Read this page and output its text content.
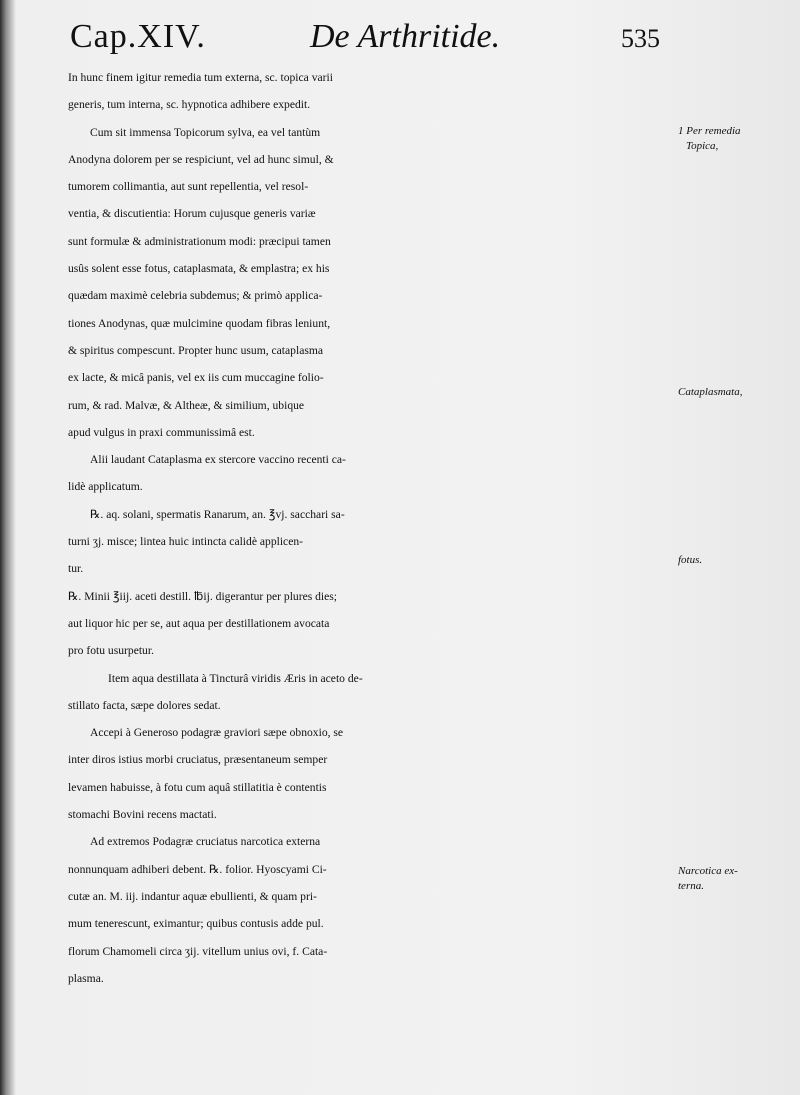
Cap.XIV.	De Arthritide.	535
In hunc finem igitur remedia tum externa, sc. topica varii
generis, tum interna, sc. hypnotica adhibere expedit.
Cum sit immensa Topicorum sylva, ea vel tantùm
Anodyna dolorem per se respiciunt, vel ad hunc simul, &
tumorem collimantia, aut sunt repellentia, vel resol-
ventia, & discutientia: Horum cujusque generis variæ
sunt formulæ & administrationum modi: præcipui tamen
usûs solent esse fotus, cataplasmata, & emplastra; ex his
quædam maximè celebria subdemus; & primò applica-
tiones Anodynas, quæ mulcimine quodam fibras leniunt,
& spiritus compescunt. Propter hunc usum, cataplasma
ex lacte, & micâ panis, vel ex iis cum muccagine folio-
rum, & rad. Malvæ, & Altheæ, & similium, ubique
apud vulgus in praxi communissimâ est.
Alii laudant Cataplasma ex stercore vaccino recenti ca-
lidè applicatum.
℞. aq. solani, spermatis Ranarum, an. ℥vj. sacchari sa-
turni ʒj. misce; lintea huic intincta calidè applicen-
tur.
℞. Minii ℥iij. aceti destill. ℔ij. digerantur per plures dies;
aut liquor hic per se, aut aqua per destillationem avocata
pro fotu usurpetur.
Item aqua destillata à Tincturâ viridis Æris in aceto de-
stillato facta, sæpe dolores sedat.
Accepi à Generoso podagræ graviori sæpe obnoxio, se
inter diros istius morbi cruciatus, præsentaneum semper
levamen habuisse, à fotu cum aquâ stillatitia è contentis
stomachi Bovini recens mactati.
Ad extremos Podagræ cruciatus narcotica externa
nonnunquam adhiberi debent. ℞. folior. Hyoscyami Ci-
cutæ an. M. iij. indantur aquæ ebullienti, & quam pri-
mum tenerescunt, eximantur; quibus contusis adde pul.
florum Chamomeli circa ʒij. vitellum unius ovi, f. Cata-
plasma.
1 Per remedia
Topica,
Cataplasmata,
fotus.
Narcotica ex-
terna.
